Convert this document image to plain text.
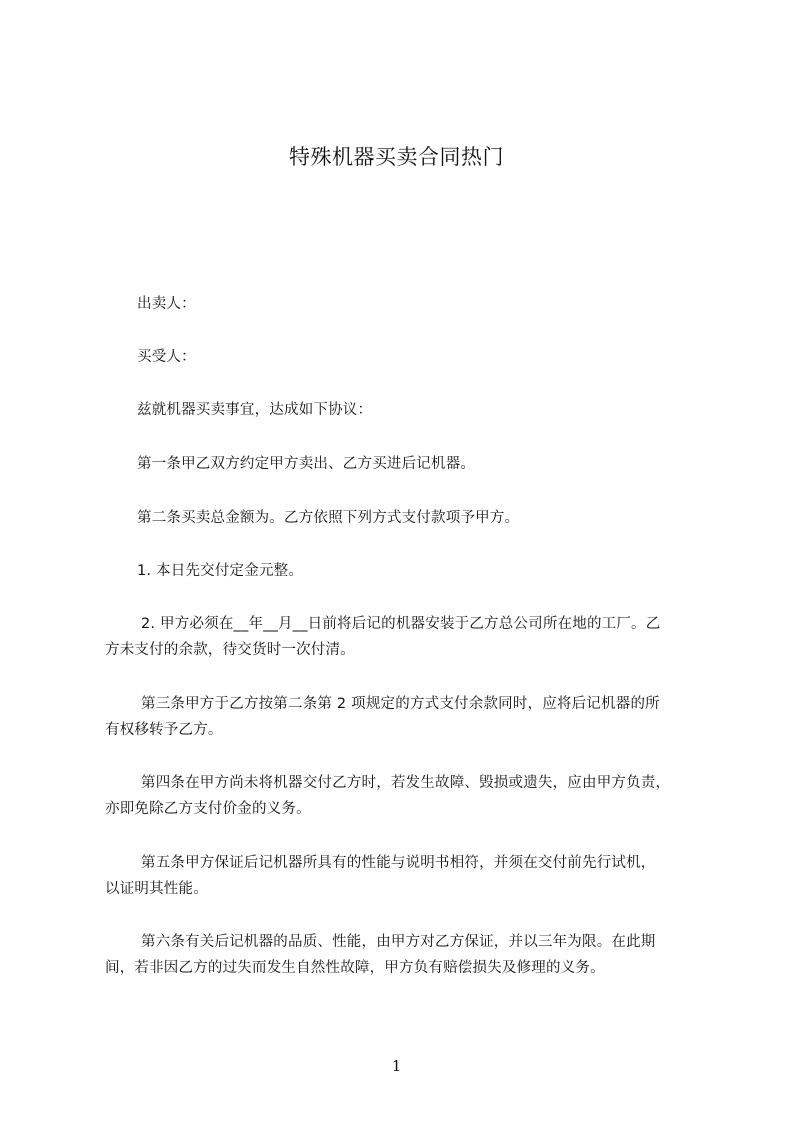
特殊机器买卖合同热门
出卖人：
买受人：
兹就机器买卖事宜，达成如下协议：
第一条甲乙双方约定甲方卖出、乙方买进后记机器。
第二条买卖总金额为。乙方依照下列方式支付款项予甲方。
1. 本日先交付定金元整。
2. 甲方必须在__年__月__日前将后记的机器安装于乙方总公司所在地的工厂。乙
方未支付的余款，待交货时一次付清。
第三条甲方于乙方按第二条第 2 项规定的方式支付余款同时，应将后记机器的所
有权移转予乙方。
第四条在甲方尚未将机器交付乙方时，若发生故障、毁损或遗失，应由甲方负责，
亦即免除乙方支付价金的义务。
第五条甲方保证后记机器所具有的性能与说明书相符，并须在交付前先行试机，
以证明其性能。
第六条有关后记机器的品质、性能，由甲方对乙方保证，并以三年为限。在此期
间，若非因乙方的过失而发生自然性故障，甲方负有赔偿损失及修理的义务。
1
